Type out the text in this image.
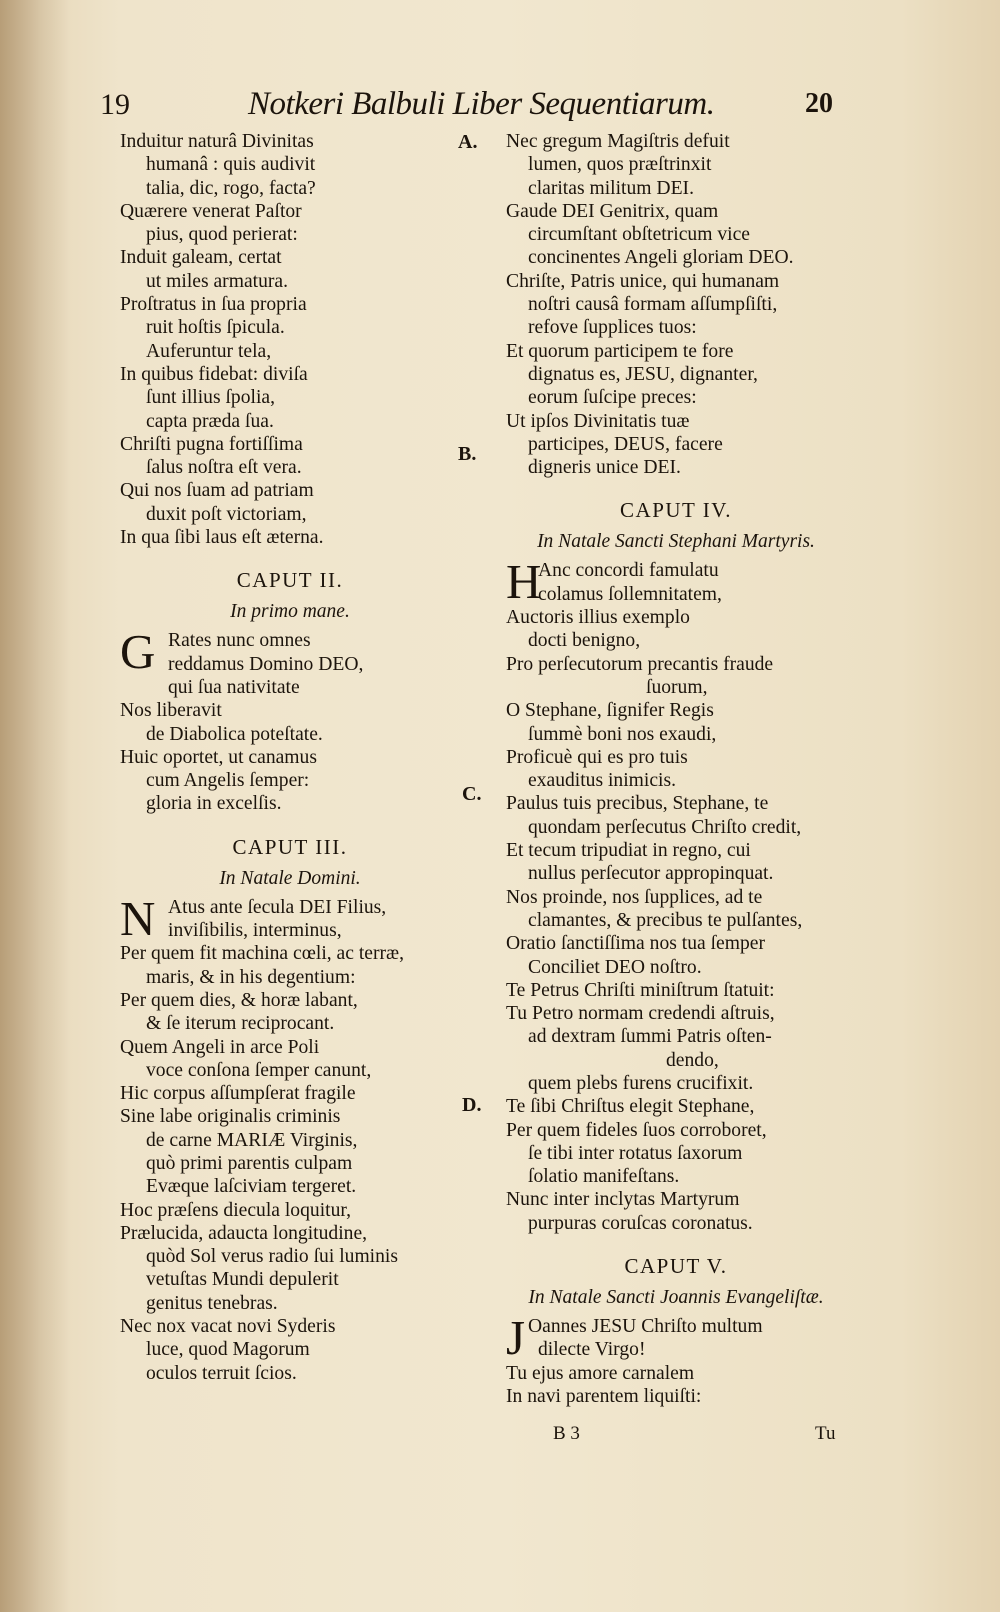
19	Notkeri Balbuli Liber Sequentiarum.	20
A.
B.
C.
D.
Induitur naturâ Divinitas
humanâ : quis audivit
talia, dic, rogo, facta?
Quærere venerat Paſtor
pius, quod perierat:
Induit galeam, certat
ut miles armatura.
Proſtratus in ſua propria
ruit hoſtis ſpicula.
Auferuntur tela,
In quibus fidebat: diviſa
ſunt illius ſpolia,
capta præda ſua.
Chriſti pugna fortiſſima
ſalus noſtra eſt vera.
Qui nos ſuam ad patriam
duxit poſt victoriam,
In qua ſibi laus eſt æterna.
CAPUT II.
In primo mane.
G Rates nunc omnes
reddamus Domino DEO,
qui ſua nativitate
Nos liberavit
de Diabolica poteſtate.
Huic oportet, ut canamus
cum Angelis ſemper:
gloria in excelſis.
CAPUT III.
In Natale Domini.
N Atus ante ſecula DEI Filius,
inviſibilis, interminus,
Per quem fit machina cœli, ac terræ,
maris, & in his degentium:
Per quem dies, & horæ labant,
& ſe iterum reciprocant.
Quem Angeli in arce Poli
voce conſona ſemper canunt,
Hic corpus aſſumpſerat fragile
Sine labe originalis criminis
de carne MARIÆ Virginis,
quò primi parentis culpam
Evæque laſciviam tergeret.
Hoc præſens diecula loquitur,
Prælucida, adaucta longitudine,
quòd Sol verus radio ſui luminis
vetuſtas Mundi depulerit
genitus tenebras.
Nec nox vacat novi Syderis
luce, quod Magorum
oculos terruit ſcios.
Nec gregum Magiſtris defuit
lumen, quos præſtrinxit
claritas militum DEI.
Gaude DEI Genitrix, quam
circumſtant obſtetricum vice
concinentes Angeli gloriam DEO.
Chriſte, Patris unice, qui humanam
noſtri causâ formam aſſumpſiſti,
refove ſupplices tuos:
Et quorum participem te fore
dignatus es, JESU, dignanter,
eorum ſuſcipe preces:
Ut ipſos Divinitatis tuæ
participes, DEUS, facere
digneris unice DEI.
CAPUT IV.
In Natale Sancti Stephani Martyris.
H
Anc concordi famulatu
colamus ſollemnitatem,
Auctoris illius exemplo
docti benigno,
Pro perſecutorum precantis fraude
ſuorum,
O Stephane, ſignifer Regis
ſummè boni nos exaudi,
Proficuè qui es pro tuis
exauditus inimicis.
Paulus tuis precibus, Stephane, te
quondam perſecutus Chriſto credit,
Et tecum tripudiat in regno, cui
nullus perſecutor appropinquat.
Nos proinde, nos ſupplices, ad te
clamantes, & precibus te pulſantes,
Oratio ſanctiſſima nos tua ſemper
Conciliet DEO noſtro.
Te Petrus Chriſti miniſtrum ſtatuit:
Tu Petro normam credendi aſtruis,
ad dextram ſummi Patris oſten-
dendo,
quem plebs furens crucifixit.
Te ſibi Chriſtus elegit Stephane,
Per quem fideles ſuos corroboret,
ſe tibi inter rotatus ſaxorum
ſolatio manifeſtans.
Nunc inter inclytas Martyrum
purpuras coruſcas coronatus.
CAPUT V.
In Natale Sancti Joannis Evangeliſtæ.
J Oannes JESU Chriſto multum
dilecte Virgo!
Tu ejus amore carnalem
In navi parentem liquiſti:
B 3	Tu
